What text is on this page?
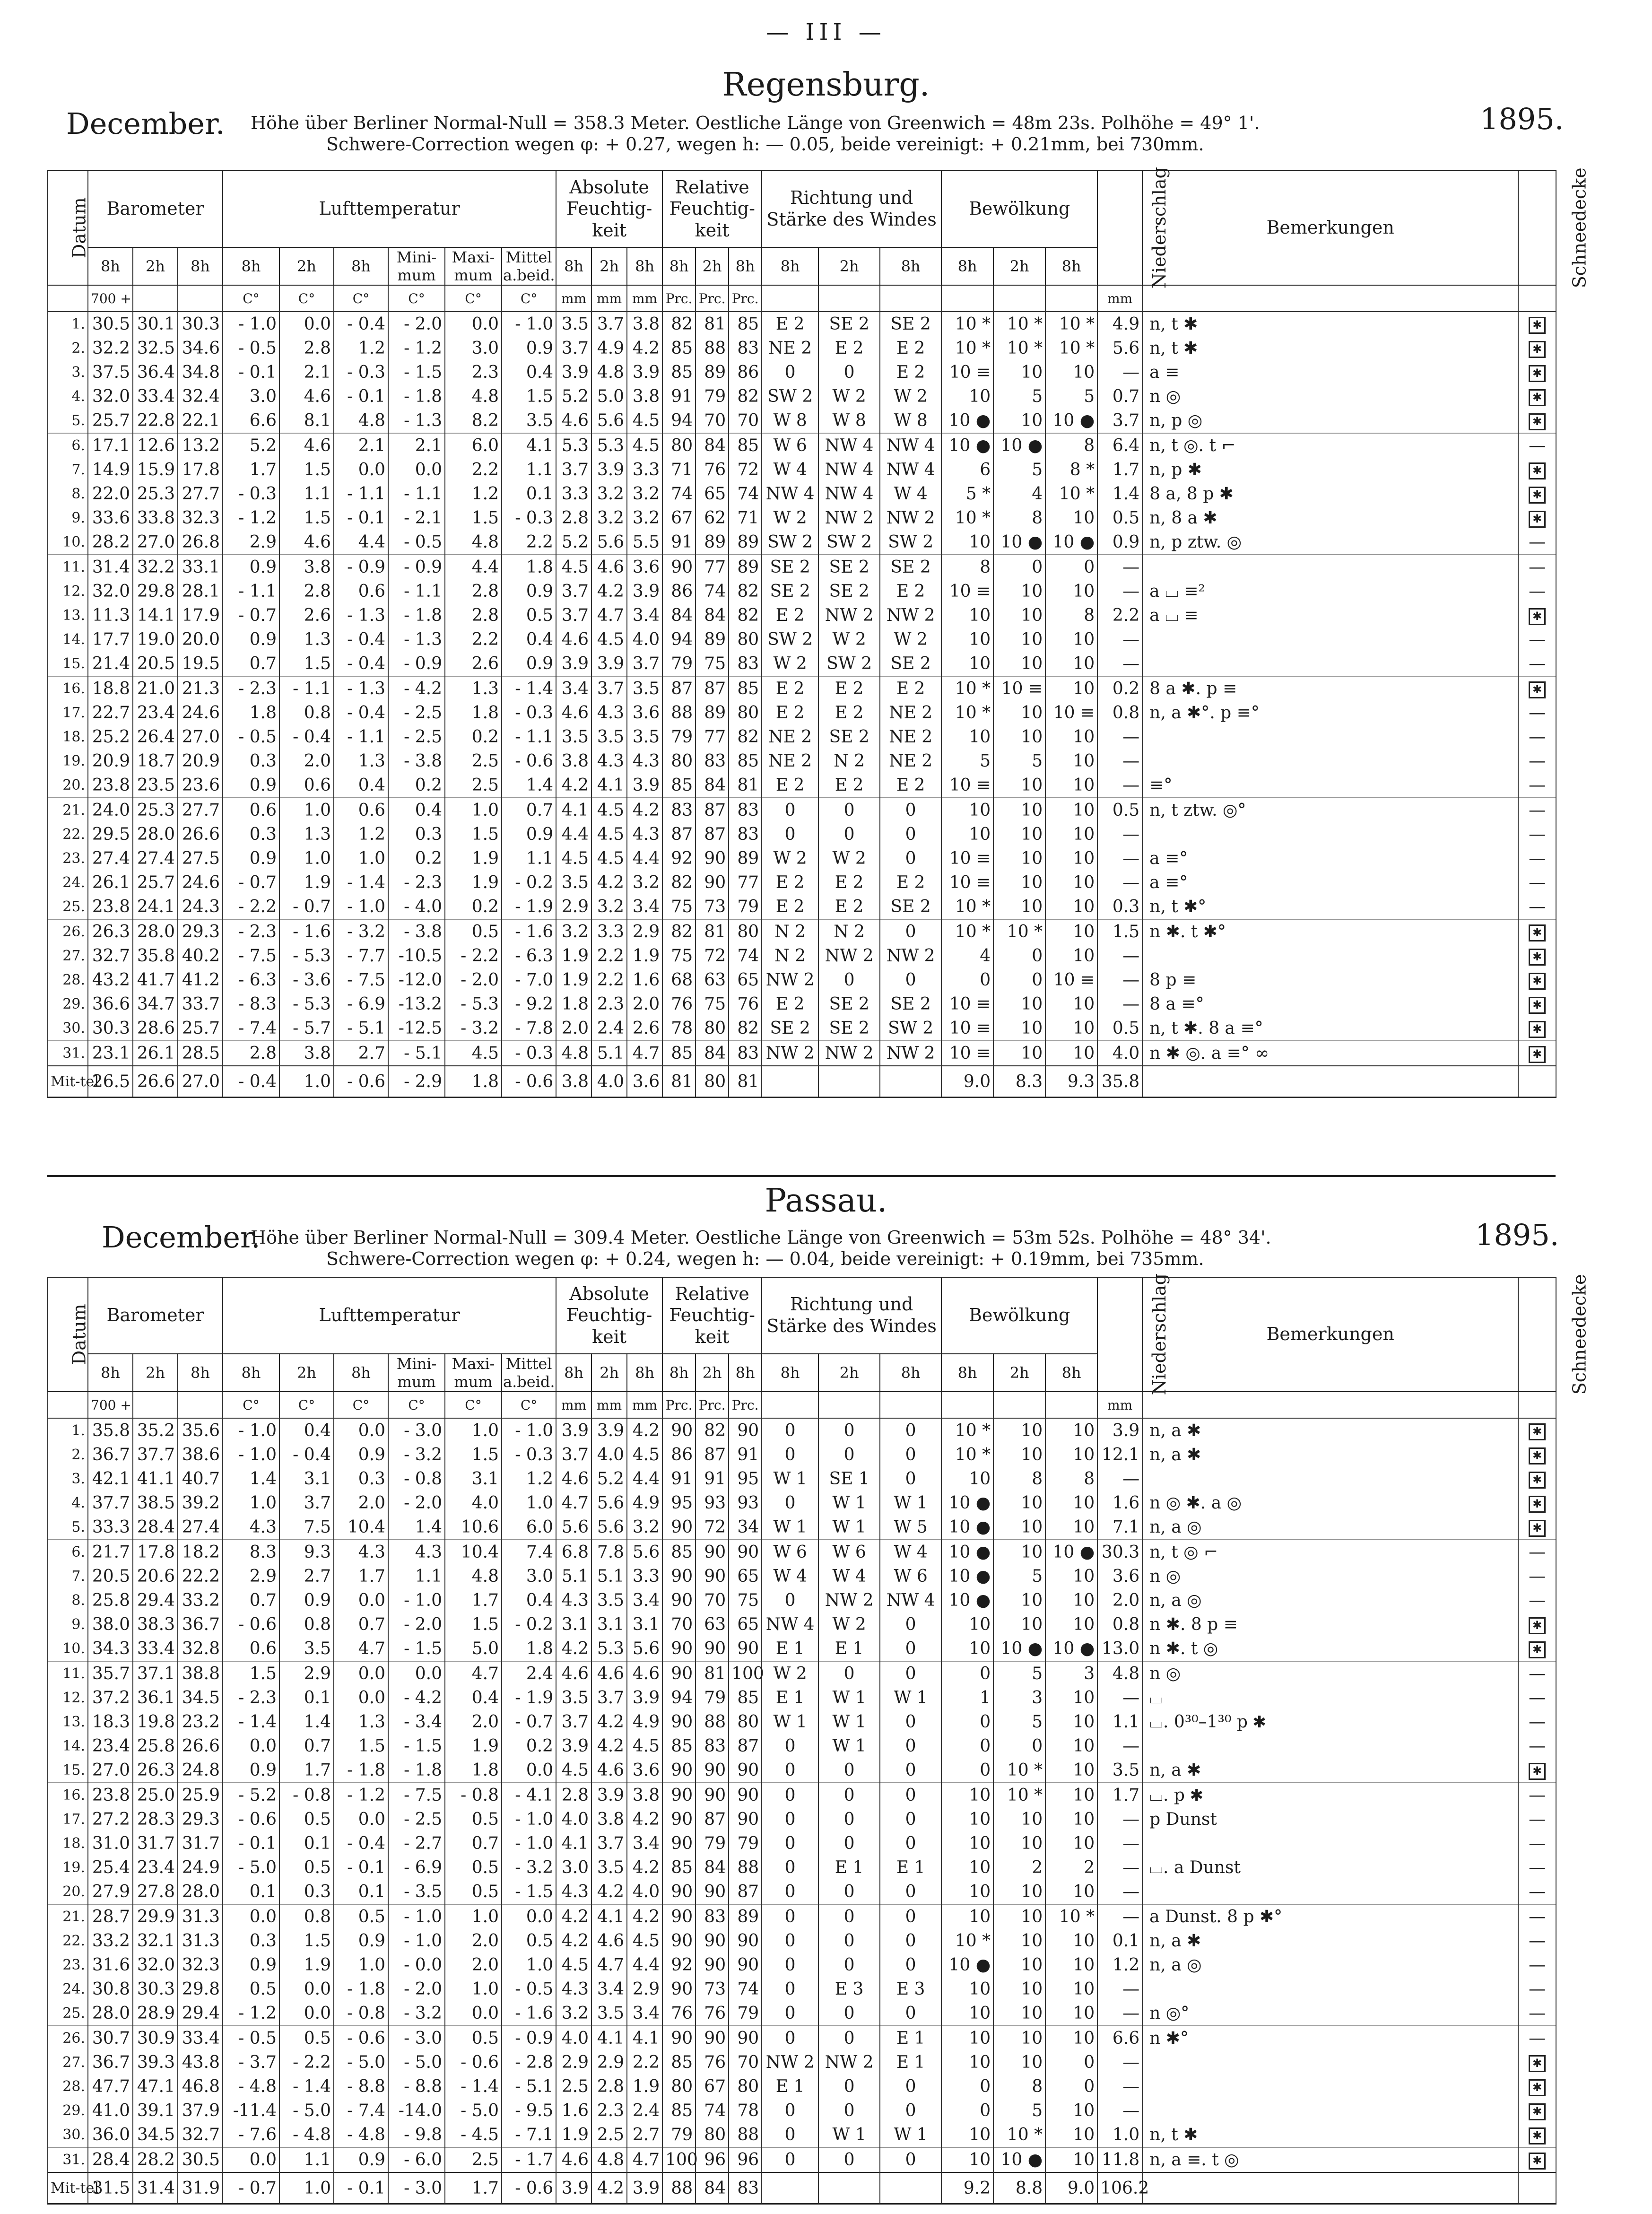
— III —
Regensburg.
December.	1895.
Höhe über Berliner Normal-Null = 358.3 Meter. Oestliche Länge von Greenwich = 48m 23s. Polhöhe = 49° 1'.
Schwere-Correction wegen φ: + 0.27, wegen h: — 0.05, beide vereinigt: + 0.21mm, bei 730mm.
Datum	Barometer			Lufttemperatur						Absolute Feuchtig-keit			Relative Feuchtig-keit			Richtung und Stärke des Windes			Bewölkung			Niederschlag	Bemerkungen	Schneedecke
	8h	2h	8h	8h	2h	8h	Mini-mum	Maxi-mum	Mittel a.beid.	8h	2h	8h	8h	2h	8h	8h	2h	8h	8h	2h	8h			
	700 +			C°	C°	C°	C°	C°	C°	mm	mm	mm	Prc.	Prc.	Prc.							mm		
1.	30.5	30.1	30.3	- 1.0	0.0	- 0.4	- 2.0	0.0	- 1.0	3.5	3.7	3.8	82	81	85	E 2	SE 2	SE 2	10 *	10 *	10 *	4.9	n, t ✱	✱
2.	32.2	32.5	34.6	- 0.5	2.8	1.2	- 1.2	3.0	0.9	3.7	4.9	4.2	85	88	83	NE 2	E 2	E 2	10 *	10 *	10 *	5.6	n, t ✱	✱
3.	37.5	36.4	34.8	- 0.1	2.1	- 0.3	- 1.5	2.3	0.4	3.9	4.8	3.9	85	89	86	0	0	E 2	10 ≡	10	10	—	a ≡	✱
4.	32.0	33.4	32.4	3.0	4.6	- 0.1	- 1.8	4.8	1.5	5.2	5.0	3.8	91	79	82	SW 2	W 2	W 2	10	5	5	0.7	n ◎	✱
5.	25.7	22.8	22.1	6.6	8.1	4.8	- 1.3	8.2	3.5	4.6	5.6	4.5	94	70	70	W 8	W 8	W 8	10 ●	10	10 ●	3.7	n, p ◎	✱
6.	17.1	12.6	13.2	5.2	4.6	2.1	2.1	6.0	4.1	5.3	5.3	4.5	80	84	85	W 6	NW 4	NW 4	10 ●	10 ●	8	6.4	n, t ◎. t ⌐	—
7.	14.9	15.9	17.8	1.7	1.5	0.0	0.0	2.2	1.1	3.7	3.9	3.3	71	76	72	W 4	NW 4	NW 4	6	5	8 *	1.7	n, p ✱	✱
8.	22.0	25.3	27.7	- 0.3	1.1	- 1.1	- 1.1	1.2	0.1	3.3	3.2	3.2	74	65	74	NW 4	NW 4	W 4	5 *	4	10 *	1.4	8 a, 8 p ✱	✱
9.	33.6	33.8	32.3	- 1.2	1.5	- 0.1	- 2.1	1.5	- 0.3	2.8	3.2	3.2	67	62	71	W 2	NW 2	NW 2	10 *	8	10	0.5	n, 8 a ✱	✱
10.	28.2	27.0	26.8	2.9	4.6	4.4	- 0.5	4.8	2.2	5.2	5.6	5.5	91	89	89	SW 2	SW 2	SW 2	10	10 ●	10 ●	0.9	n, p ztw. ◎	—
11.	31.4	32.2	33.1	0.9	3.8	- 0.9	- 0.9	4.4	1.8	4.5	4.6	3.6	90	77	89	SE 2	SE 2	SE 2	8	0	0	—		—
12.	32.0	29.8	28.1	- 1.1	2.8	0.6	- 1.1	2.8	0.9	3.7	4.2	3.9	86	74	82	SE 2	SE 2	E 2	10 ≡	10	10	—	a ⌴ ≡²	—
13.	11.3	14.1	17.9	- 0.7	2.6	- 1.3	- 1.8	2.8	0.5	3.7	4.7	3.4	84	84	82	E 2	NW 2	NW 2	10	10	8	2.2	a ⌴ ≡	✱
14.	17.7	19.0	20.0	0.9	1.3	- 0.4	- 1.3	2.2	0.4	4.6	4.5	4.0	94	89	80	SW 2	W 2	W 2	10	10	10	—		—
15.	21.4	20.5	19.5	0.7	1.5	- 0.4	- 0.9	2.6	0.9	3.9	3.9	3.7	79	75	83	W 2	SW 2	SE 2	10	10	10	—		—
16.	18.8	21.0	21.3	- 2.3	- 1.1	- 1.3	- 4.2	1.3	- 1.4	3.4	3.7	3.5	87	87	85	E 2	E 2	E 2	10 *	10 ≡	10	0.2	8 a ✱. p ≡	✱
17.	22.7	23.4	24.6	1.8	0.8	- 0.4	- 2.5	1.8	- 0.3	4.6	4.3	3.6	88	89	80	E 2	E 2	NE 2	10 *	10	10 ≡	0.8	n, a ✱°. p ≡°	—
18.	25.2	26.4	27.0	- 0.5	- 0.4	- 1.1	- 2.5	0.2	- 1.1	3.5	3.5	3.5	79	77	82	NE 2	SE 2	NE 2	10	10	10	—		—
19.	20.9	18.7	20.9	0.3	2.0	1.3	- 3.8	2.5	- 0.6	3.8	4.3	4.3	80	83	85	NE 2	N 2	NE 2	5	5	10	—		—
20.	23.8	23.5	23.6	0.9	0.6	0.4	0.2	2.5	1.4	4.2	4.1	3.9	85	84	81	E 2	E 2	E 2	10 ≡	10	10	—	≡°	—
21.	24.0	25.3	27.7	0.6	1.0	0.6	0.4	1.0	0.7	4.1	4.5	4.2	83	87	83	0	0	0	10	10	10	0.5	n, t ztw. ◎°	—
22.	29.5	28.0	26.6	0.3	1.3	1.2	0.3	1.5	0.9	4.4	4.5	4.3	87	87	83	0	0	0	10	10	10	—		—
23.	27.4	27.4	27.5	0.9	1.0	1.0	0.2	1.9	1.1	4.5	4.5	4.4	92	90	89	W 2	W 2	0	10 ≡	10	10	—	a ≡°	—
24.	26.1	25.7	24.6	- 0.7	1.9	- 1.4	- 2.3	1.9	- 0.2	3.5	4.2	3.2	82	90	77	E 2	E 2	E 2	10 ≡	10	10	—	a ≡°	—
25.	23.8	24.1	24.3	- 2.2	- 0.7	- 1.0	- 4.0	0.2	- 1.9	2.9	3.2	3.4	75	73	79	E 2	E 2	SE 2	10 *	10	10	0.3	n, t ✱°	—
26.	26.3	28.0	29.3	- 2.3	- 1.6	- 3.2	- 3.8	0.5	- 1.6	3.2	3.3	2.9	82	81	80	N 2	N 2	0	10 *	10 *	10	1.5	n ✱. t ✱°	✱
27.	32.7	35.8	40.2	- 7.5	- 5.3	- 7.7	-10.5	- 2.2	- 6.3	1.9	2.2	1.9	75	72	74	N 2	NW 2	NW 2	4	0	10	—		✱
28.	43.2	41.7	41.2	- 6.3	- 3.6	- 7.5	-12.0	- 2.0	- 7.0	1.9	2.2	1.6	68	63	65	NW 2	0	0	0	0	10 ≡	—	8 p ≡	✱
29.	36.6	34.7	33.7	- 8.3	- 5.3	- 6.9	-13.2	- 5.3	- 9.2	1.8	2.3	2.0	76	75	76	E 2	SE 2	SE 2	10 ≡	10	10	—	8 a ≡°	✱
30.	30.3	28.6	25.7	- 7.4	- 5.7	- 5.1	-12.5	- 3.2	- 7.8	2.0	2.4	2.6	78	80	82	SE 2	SE 2	SW 2	10 ≡	10	10	0.5	n, t ✱. 8 a ≡°	✱
31.	23.1	26.1	28.5	2.8	3.8	2.7	- 5.1	4.5	- 0.3	4.8	5.1	4.7	85	84	83	NW 2	NW 2	NW 2	10 ≡	10	10	4.0	n ✱ ◎. a ≡° ∞	✱
Mit-tel	26.5	26.6	27.0	- 0.4	1.0	- 0.6	- 2.9	1.8	- 0.6	3.8	4.0	3.6	81	80	81				9.0	8.3	9.3	35.8		
Passau.
December.	1895.
Höhe über Berliner Normal-Null = 309.4 Meter. Oestliche Länge von Greenwich = 53m 52s. Polhöhe = 48° 34'.
Schwere-Correction wegen φ: + 0.24, wegen h: — 0.04, beide vereinigt: + 0.19mm, bei 735mm.
Datum	Barometer			Lufttemperatur						Absolute Feuchtig-keit			Relative Feuchtig-keit			Richtung und Stärke des Windes			Bewölkung			Niederschlag	Bemerkungen	Schneedecke
	8h	2h	8h	8h	2h	8h	Mini-mum	Maxi-mum	Mittel a.beid.	8h	2h	8h	8h	2h	8h	8h	2h	8h	8h	2h	8h			
	700 +			C°	C°	C°	C°	C°	C°	mm	mm	mm	Prc.	Prc.	Prc.							mm		
1.	35.8	35.2	35.6	- 1.0	0.4	0.0	- 3.0	1.0	- 1.0	3.9	3.9	4.2	90	82	90	0	0	0	10 *	10	10	3.9	n, a ✱	✱
2.	36.7	37.7	38.6	- 1.0	- 0.4	0.9	- 3.2	1.5	- 0.3	3.7	4.0	4.5	86	87	91	0	0	0	10 *	10	10	12.1	n, a ✱	✱
3.	42.1	41.1	40.7	1.4	3.1	0.3	- 0.8	3.1	1.2	4.6	5.2	4.4	91	91	95	W 1	SE 1	0	10	8	8	—		✱
4.	37.7	38.5	39.2	1.0	3.7	2.0	- 2.0	4.0	1.0	4.7	5.6	4.9	95	93	93	0	W 1	W 1	10 ●	10	10	1.6	n ◎ ✱. a ◎	✱
5.	33.3	28.4	27.4	4.3	7.5	10.4	1.4	10.6	6.0	5.6	5.6	3.2	90	72	34	W 1	W 1	W 5	10 ●	10	10	7.1	n, a ◎	✱
6.	21.7	17.8	18.2	8.3	9.3	4.3	4.3	10.4	7.4	6.8	7.8	5.6	85	90	90	W 6	W 6	W 4	10 ●	10	10 ●	30.3	n, t ◎ ⌐	—
7.	20.5	20.6	22.2	2.9	2.7	1.7	1.1	4.8	3.0	5.1	5.1	3.3	90	90	65	W 4	W 4	W 6	10 ●	5	10	3.6	n ◎	—
8.	25.8	29.4	33.2	0.7	0.9	0.0	- 1.0	1.7	0.4	4.3	3.5	3.4	90	70	75	0	NW 2	NW 4	10 ●	10	10	2.0	n, a ◎	—
9.	38.0	38.3	36.7	- 0.6	0.8	0.7	- 2.0	1.5	- 0.2	3.1	3.1	3.1	70	63	65	NW 4	W 2	0	10	10	10	0.8	n ✱. 8 p ≡	✱
10.	34.3	33.4	32.8	0.6	3.5	4.7	- 1.5	5.0	1.8	4.2	5.3	5.6	90	90	90	E 1	E 1	0	10	10 ●	10 ●	13.0	n ✱. t ◎	✱
11.	35.7	37.1	38.8	1.5	2.9	0.0	0.0	4.7	2.4	4.6	4.6	4.6	90	81	100	W 2	0	0	0	5	3	4.8	n ◎	—
12.	37.2	36.1	34.5	- 2.3	0.1	0.0	- 4.2	0.4	- 1.9	3.5	3.7	3.9	94	79	85	E 1	W 1	W 1	1	3	10	—	⌴	—
13.	18.3	19.8	23.2	- 1.4	1.4	1.3	- 3.4	2.0	- 0.7	3.7	4.2	4.9	90	88	80	W 1	W 1	0	0	5	10	1.1	⌴. 0³⁰–1³⁰ p ✱	—
14.	23.4	25.8	26.6	0.0	0.7	1.5	- 1.5	1.9	0.2	3.9	4.2	4.5	85	83	87	0	W 1	0	0	0	10	—		—
15.	27.0	26.3	24.8	0.9	1.7	- 1.8	- 1.8	1.8	0.0	4.5	4.6	3.6	90	90	90	0	0	0	0	10 *	10	3.5	n, a ✱	✱
16.	23.8	25.0	25.9	- 5.2	- 0.8	- 1.2	- 7.5	- 0.8	- 4.1	2.8	3.9	3.8	90	90	90	0	0	0	10	10 *	10	1.7	⌴. p ✱	—
17.	27.2	28.3	29.3	- 0.6	0.5	0.0	- 2.5	0.5	- 1.0	4.0	3.8	4.2	90	87	90	0	0	0	10	10	10	—	p Dunst	—
18.	31.0	31.7	31.7	- 0.1	0.1	- 0.4	- 2.7	0.7	- 1.0	4.1	3.7	3.4	90	79	79	0	0	0	10	10	10	—		—
19.	25.4	23.4	24.9	- 5.0	0.5	- 0.1	- 6.9	0.5	- 3.2	3.0	3.5	4.2	85	84	88	0	E 1	E 1	10	2	2	—	⌴. a Dunst	—
20.	27.9	27.8	28.0	0.1	0.3	0.1	- 3.5	0.5	- 1.5	4.3	4.2	4.0	90	90	87	0	0	0	10	10	10	—		—
21.	28.7	29.9	31.3	0.0	0.8	0.5	- 1.0	1.0	0.0	4.2	4.1	4.2	90	83	89	0	0	0	10	10	10 *	—	a Dunst. 8 p ✱°	—
22.	33.2	32.1	31.3	0.3	1.5	0.9	- 1.0	2.0	0.5	4.2	4.6	4.5	90	90	90	0	0	0	10 *	10	10	0.1	n, a ✱	—
23.	31.6	32.0	32.3	0.9	1.9	1.0	- 0.0	2.0	1.0	4.5	4.7	4.4	92	90	90	0	0	0	10 ●	10	10	1.2	n, a ◎	—
24.	30.8	30.3	29.8	0.5	0.0	- 1.8	- 2.0	1.0	- 0.5	4.3	3.4	2.9	90	73	74	0	E 3	E 3	10	10	10	—		—
25.	28.0	28.9	29.4	- 1.2	0.0	- 0.8	- 3.2	0.0	- 1.6	3.2	3.5	3.4	76	76	79	0	0	0	10	10	10	—	n ◎°	—
26.	30.7	30.9	33.4	- 0.5	0.5	- 0.6	- 3.0	0.5	- 0.9	4.0	4.1	4.1	90	90	90	0	0	E 1	10	10	10	6.6	n ✱°	—
27.	36.7	39.3	43.8	- 3.7	- 2.2	- 5.0	- 5.0	- 0.6	- 2.8	2.9	2.9	2.2	85	76	70	NW 2	NW 2	E 1	10	10	0	—		✱
28.	47.7	47.1	46.8	- 4.8	- 1.4	- 8.8	- 8.8	- 1.4	- 5.1	2.5	2.8	1.9	80	67	80	E 1	0	0	0	8	0	—		✱
29.	41.0	39.1	37.9	-11.4	- 5.0	- 7.4	-14.0	- 5.0	- 9.5	1.6	2.3	2.4	85	74	78	0	0	0	0	5	10	—		✱
30.	36.0	34.5	32.7	- 7.6	- 4.8	- 4.8	- 9.8	- 4.5	- 7.1	1.9	2.5	2.7	79	80	88	0	W 1	W 1	10	10 *	10	1.0	n, t ✱	✱
31.	28.4	28.2	30.5	0.0	1.1	0.9	- 6.0	2.5	- 1.7	4.6	4.8	4.7	100	96	96	0	0	0	10	10 ●	10	11.8	n, a ≡. t ◎	✱
Mit-tel	31.5	31.4	31.9	- 0.7	1.0	- 0.1	- 3.0	1.7	- 0.6	3.9	4.2	3.9	88	84	83				9.2	8.8	9.0	106.2		
